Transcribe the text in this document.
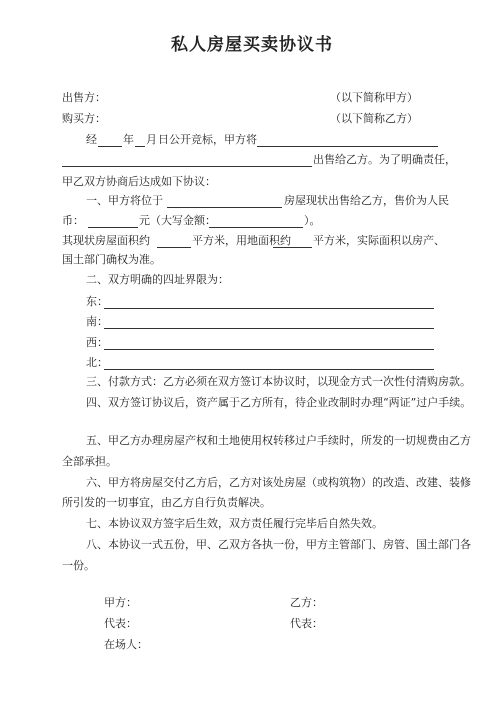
私人房屋买卖协议书
出售方：	（以下简称甲方）
购买方：	（以下简称乙方）
经 年 月 日公开竞标，甲方将
出售给乙方。为了明确责任，
甲乙双方协商后达成如下协议：
一、甲方将位于	房屋现状出售给乙方，售价为人民
币：	元（大写金额：	）。
其现状房屋面积约	平方米，用地面积约 平方米，实际面积以房产、
国土部门确权为准。
二、双方明确的四址界限为：
东：
南：
西：
北：
三、付款方式：乙方必须在双方签订本协议时，以现金方式一次性付清购房款。
四、双方签订协议后，资产属于乙方所有，待企业改制时办理“两证”过户手续。
五、甲乙方办理房屋产权和土地使用权转移过户手续时，所发的一切规费由乙方
全部承担。
六、甲方将房屋交付乙方后，乙方对该处房屋（或构筑物）的改造、改建、装修
所引发的一切事宜，由乙方自行负责解决。
七、本协议双方签字后生效，双方责任履行完毕后自然失效。
八、本协议一式五份，甲、乙双方各执一份，甲方主管部门、房管、国土部门各
一份。
甲方：	乙方：
代表：	代表：
在场人：
